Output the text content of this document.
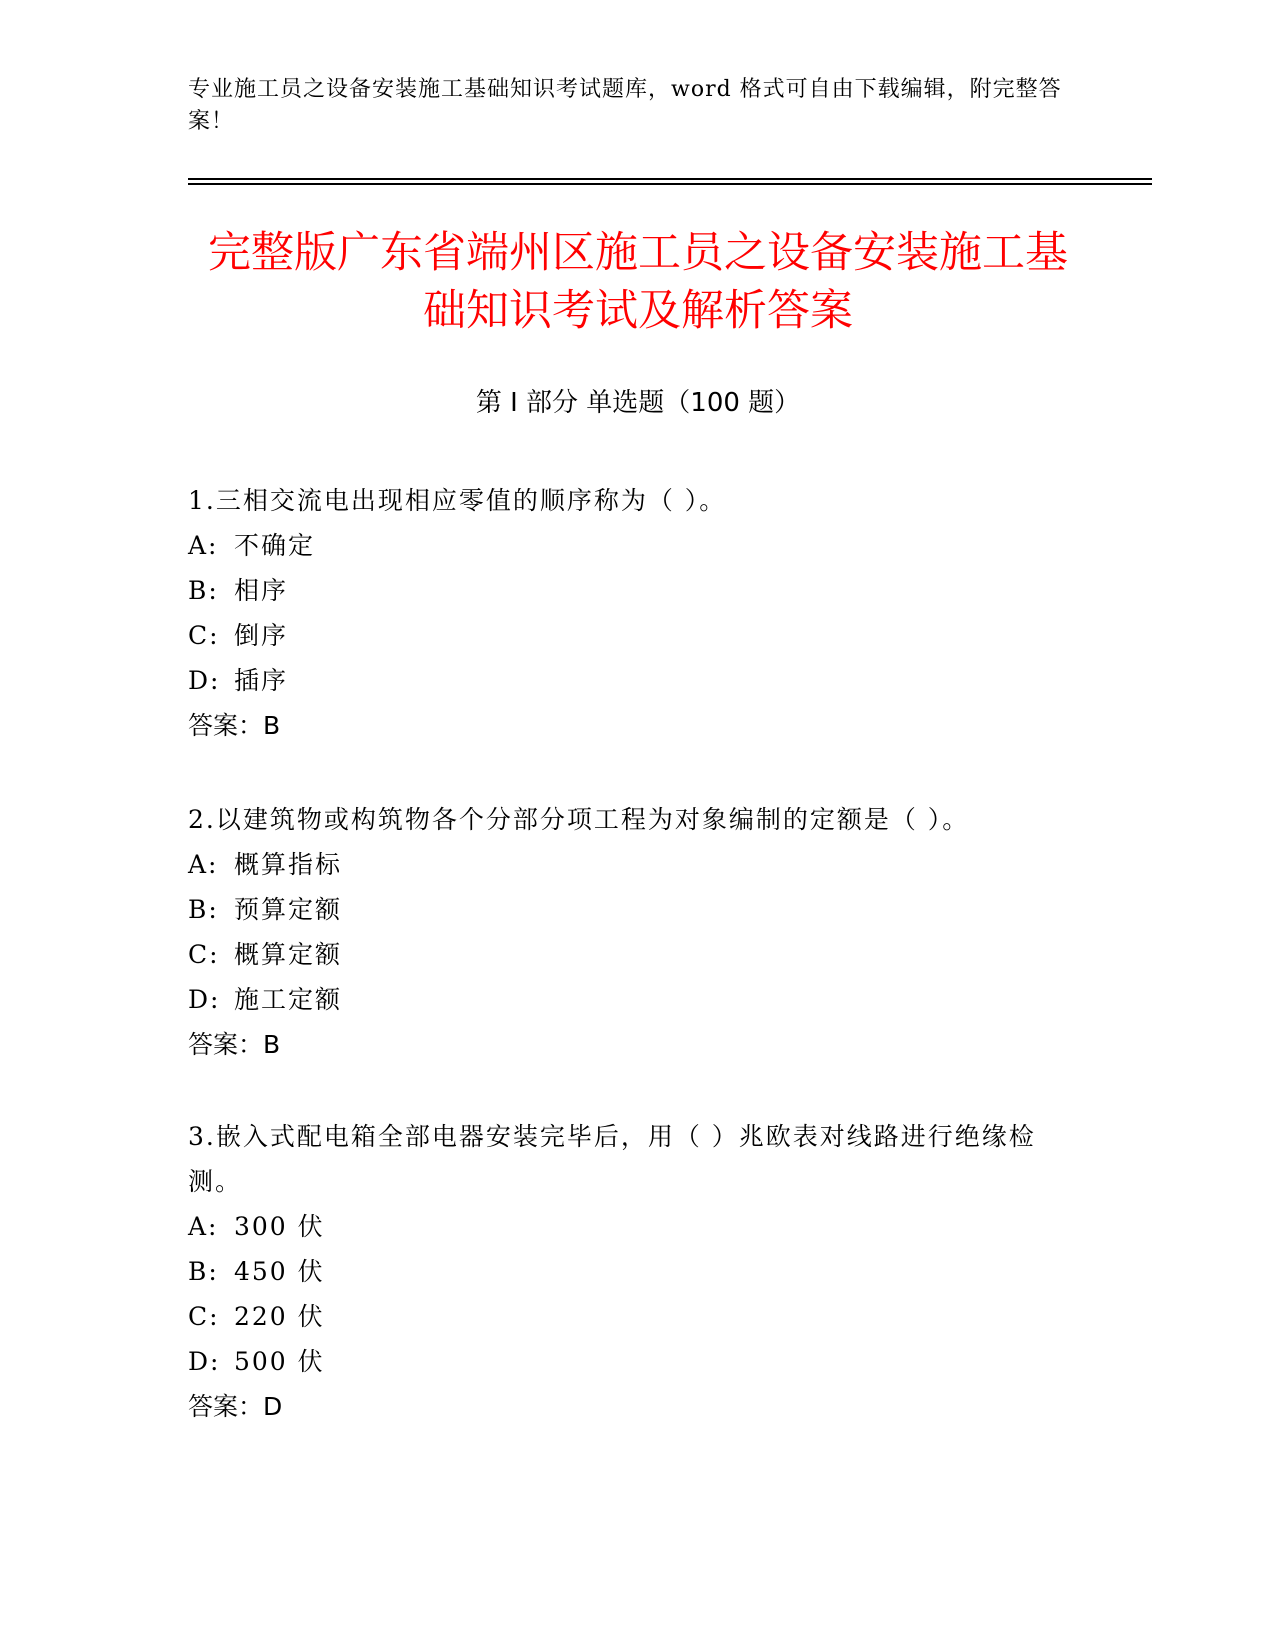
专业施工员之设备安装施工基础知识考试题库，word 格式可自由下载编辑，附完整答案！
完整版广东省端州区施工员之设备安装施工基础知识考试及解析答案
第 I 部分 单选题（100 题）
1.三相交流电出现相应零值的顺序称为（ ）。
A: 不确定
B: 相序
C: 倒序
D: 插序
答案：B
2.以建筑物或构筑物各个分部分项工程为对象编制的定额是（ ）。
A: 概算指标
B: 预算定额
C: 概算定额
D: 施工定额
答案：B
3.嵌入式配电箱全部电器安装完毕后，用（ ）兆欧表对线路进行绝缘检测。
A: 300 伏
B: 450 伏
C: 220 伏
D: 500 伏
答案：D
